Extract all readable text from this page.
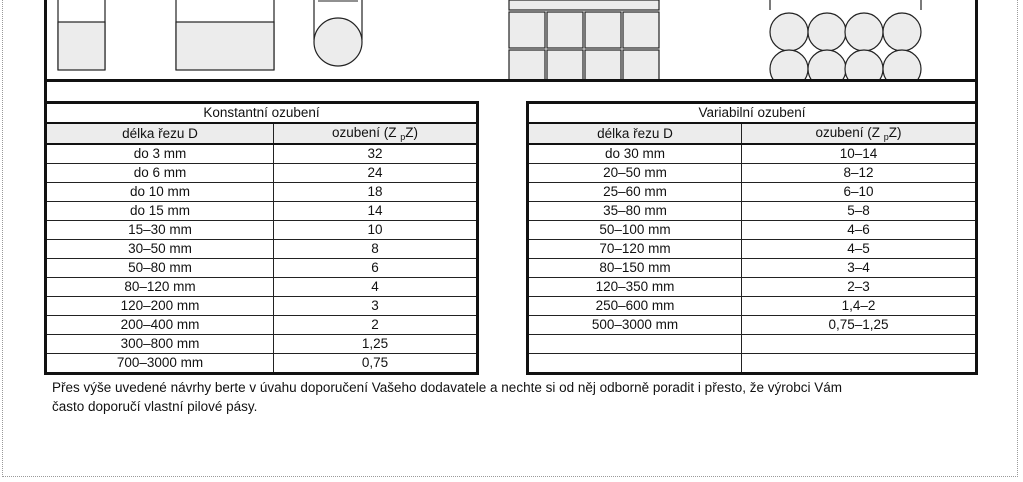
Konstantní ozubení	
délka řezu D	ozubení (Z $_p$Z)
do 3 mm	32
do 6 mm	24
do 10 mm	18
do 15 mm	14
15–30 mm	10
30–50 mm	8
50–80 mm	6
80–120 mm	4
120–200 mm	3
200–400 mm	2
300–800 mm	1,25
700–3000 mm	0,75
Variabilní ozubení	
délka řezu D	ozubení (Z $_p$Z)
do 30 mm	10–14
20–50 mm	8–12
25–60 mm	6–10
35–80 mm	5–8
50–100 mm	4–6
70–120 mm	4–5
80–150 mm	3–4
120–350 mm	2–3
250–600 mm	1,4–2
500–3000 mm	0,75–1,25

Přes výše uvedené návrhy berte v úvahu doporučení Vašeho dodavatele a nechte si od něj odborně poradit i přesto, že výrobci Vám
často doporučí vlastní pilové pásy.
